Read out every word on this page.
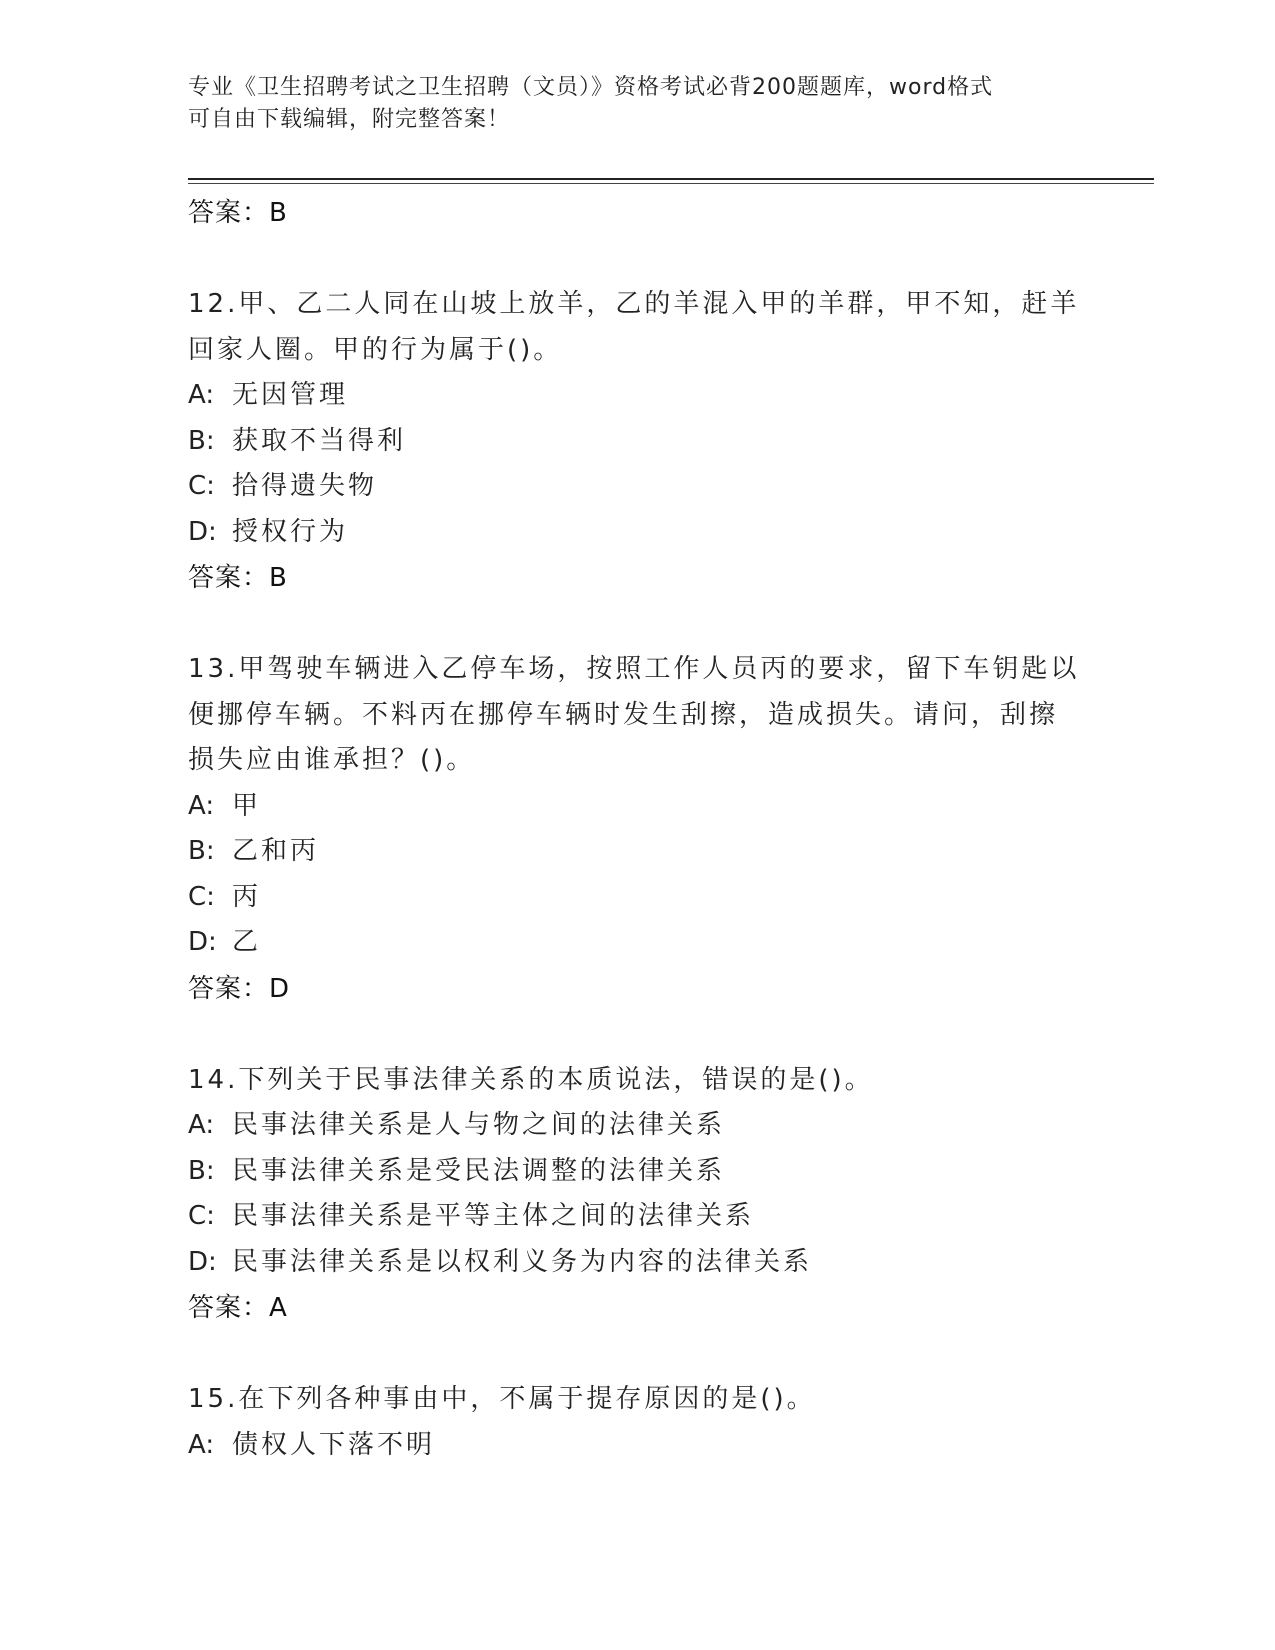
专业《卫生招聘考试之卫生招聘（文员）》资格考试必背200题题库，word格式
可自由下载编辑，附完整答案！
答案：B
12.甲、乙二人同在山坡上放羊，乙的羊混入甲的羊群，甲不知，赶羊
回家人圈。甲的行为属于()。
A: 无因管理
B: 获取不当得利
C: 拾得遗失物
D: 授权行为
答案：B
13.甲驾驶车辆进入乙停车场，按照工作人员丙的要求，留下车钥匙以
便挪停车辆。不料丙在挪停车辆时发生刮擦，造成损失。请问，刮擦
损失应由谁承担？()。
A: 甲
B: 乙和丙
C: 丙
D: 乙
答案：D
14.下列关于民事法律关系的本质说法，错误的是()。
A: 民事法律关系是人与物之间的法律关系
B: 民事法律关系是受民法调整的法律关系
C: 民事法律关系是平等主体之间的法律关系
D: 民事法律关系是以权利义务为内容的法律关系
答案：A
15.在下列各种事由中，不属于提存原因的是()。
A: 债权人下落不明
